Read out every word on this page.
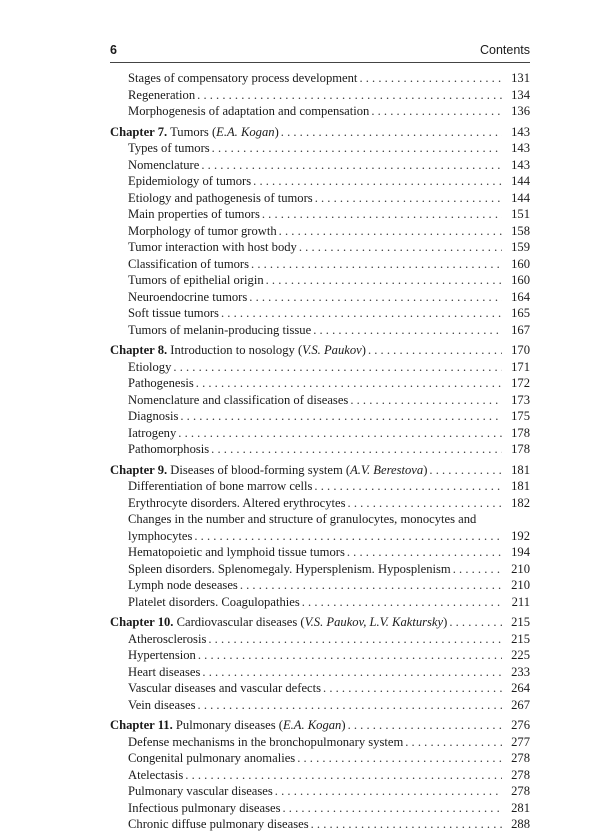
6	Contents
Stages of compensatory process development . . .	131
Regeneration . . .	134
Morphogenesis of adaptation and compensation . . .	136
Chapter 7. Tumors (E.A. Kogan) . . .	143
Types of tumors . . .	143
Nomenclature . . .	143
Epidemiology of tumors . . .	144
Etiology and pathogenesis of tumors . . .	144
Main properties of tumors . . .	151
Morphology of tumor growth . . .	158
Tumor interaction with host body . . .	159
Classification of tumors . . .	160
Tumors of epithelial origin . . .	160
Neuroendocrine tumors . . .	164
Soft tissue tumors . . .	165
Tumors of melanin-producing tissue . . .	167
Chapter 8. Introduction to nosology (V.S. Paukov) . . .	170
Etiology . . .	171
Pathogenesis . . .	172
Nomenclature and classification of diseases . . .	173
Diagnosis . . .	175
Iatrogeny . . .	178
Pathomorphosis . . .	178
Chapter 9. Diseases of blood-forming system (A.V. Berestova) . . .	181
Differentiation of bone marrow cells . . .	181
Erythrocyte disorders. Altered erythrocytes . . .	182
Changes in the number and structure of granulocytes, monocytes and
lymphocytes . . .	192
Hematopoietic and lymphoid tissue tumors . . .	194
Spleen disorders. Splenomegaly. Hypersplenism. Hyposplenism . . .	210
Lymph node deseases . . .	210
Platelet disorders. Coagulopathies . . .	211
Chapter 10. Cardiovascular diseases (V.S. Paukov, L.V. Kaktursky) . . .	215
Atherosclerosis . . .	215
Hypertension . . .	225
Heart diseases . . .	233
Vascular diseases and vascular defects . . .	264
Vein diseases . . .	267
Chapter 11. Pulmonary diseases (E.A. Kogan) . . .	276
Defense mechanisms in the bronchopulmonary system . . .	277
Congenital pulmonary anomalies . . .	278
Atelectasis . . .	278
Pulmonary vascular diseases . . .	278
Infectious pulmonary diseases . . .	281
Chronic diffuse pulmonary diseases . . .	288
